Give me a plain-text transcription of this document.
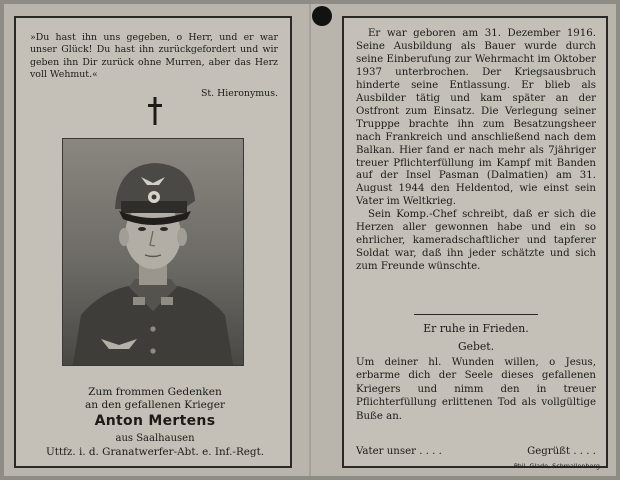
»Du hast ihn uns gegeben, o Herr, und er war unser Glück! Du hast ihn zurückgefordert und wir geben ihn Dir zurück ohne Murren, aber das Herz voll Wehmut.«
St. Hieronymus.
Zum frommen Gedenken
an den gefallenen Krieger
Anton Mertens
aus Saalhausen
Uttfz. i. d. Granatwerfer-Abt. e. Inf.-Regt.

Er war geboren am 31. Dezember 1916. Seine Ausbildung als Bauer wurde durch seine Einberufung zur Wehrmacht im Oktober 1937 unterbrochen. Der Kriegsausbruch hinderte seine Entlassung. Er blieb als Ausbilder tätig und kam später an der Ostfront zum Einsatz. Die Verlegung seiner Trupppe brachte ihn zum Besatzungsheer nach Frankreich und anschließend nach dem Balkan. Hier fand er nach mehr als 7jähriger treuer Pflichterfüllung im Kampf mit Banden auf der Insel Pasman (Dalmatien) am 31. August 1944 den Heldentod, wie einst sein Vater im Weltkrieg.

Sein Komp.-Chef schreibt, daß er sich die Herzen aller gewonnen habe und ein so ehrlicher, kameradschaftlicher und tapferer Soldat war, daß ihn jeder schätzte und sich zum Freunde wünschte.

Er ruhe in Frieden.
Gebet.
Um deiner hl. Wunden willen, o Jesus, erbarme dich der Seele dieses gefallenen Kriegers und nimm den in treuer Pflichterfüllung erlittenen Tod als vollgültige Buße an.
Vater unser . . . .	Gegrüßt . . . .
Phil. Glade, Schmallenberg
